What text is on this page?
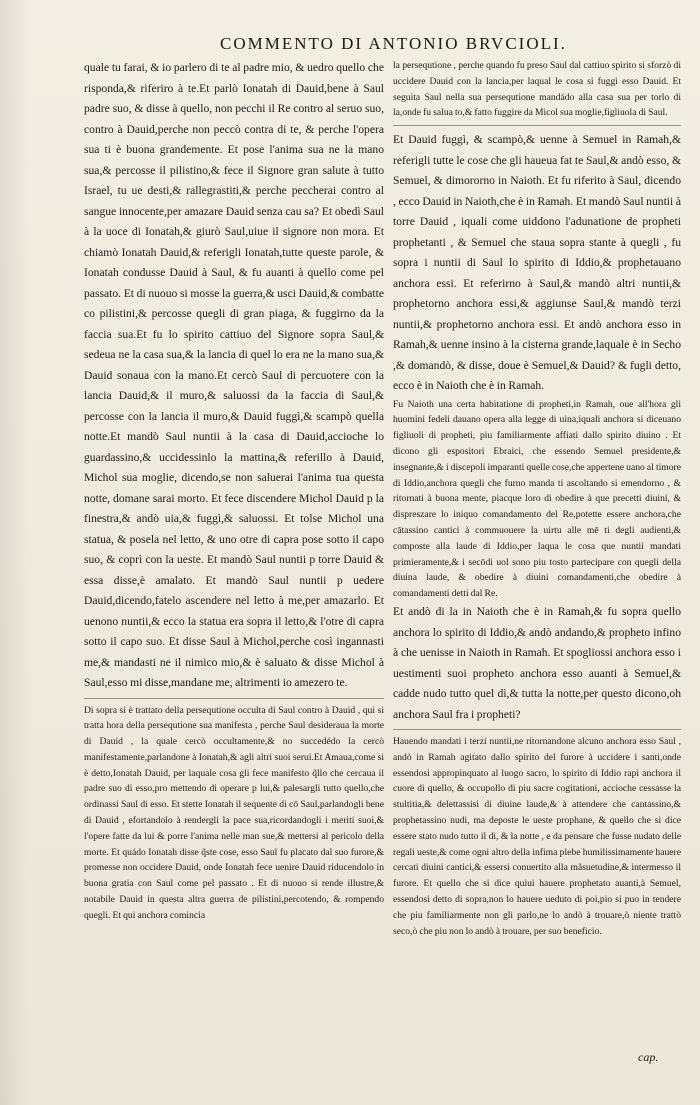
COMMENTO DI ANTONIO BRVCIOLI.

quale tu farai, & io parlero di te al padre mio, & uedro quello che risponda,& riferiro à te.Et parlò Ionatah di Dauid,bene à Saul padre suo, & disse à quello, non pecchi il Re contro al seruo suo, contro à Dauid,perche non peccò contra di te, & perche l'opera sua ti è buona grandemente. Et pose l'anima sua ne la mano sua,& percosse il pilistino,& fece il Signore gran salute à tutto Israel, tu ue desti,& rallegrastiti,& perche peccherai contro al sangue innocente,per amazare Dauid senza cau sa? Et obedì Saul à la uoce di Ionatah,& giurò Saul,uiue il signore non mora. Et chiamò Ionatah Dauid,& referigli Ionatah,tutte queste parole, & Ionatah condusse Dauid à Saul, & fu auanti à quello come pel passato. Et di nuouo si mosse la guerra,& usci Dauid,& combatte co pilistini,& percosse quegli di gran piaga, & fuggirno da la faccia sua.Et fu lo spirito cattiuo del Signore sopra Saul,& sedeua ne la casa sua,& la lancia di quel lo era ne la mano sua,& Dauid sonaua con la mano.Et cercò Saul di percuotere con la lancia Dauid,& il muro,& saluossi da la faccia di Saul,& percosse con la lancia il muro,& Dauid fuggì,& scampò quella notte.Et mandò Saul nuntii à la casa di Dauid,accioche lo guardassino,& uccidessinlo la mattina,& referillo à Dauid, Michol sua moglie, dicendo,se non saluerai l'anima tua questa notte, domane sarai morto. Et fece discendere Michol Dauid p la finestra,& andò uia,& fuggì,& saluossi. Et tolse Michol una statua, & posela nel letto, & uno otre di capra pose sotto il capo suo, & coprì con la ueste. Et mandò Saul nuntii p torre Dauid & essa disse,è amalato. Et mandò Saul nuntii p uedere Dauid,dicendo,fatelo ascendere nel letto à me,per amazarlo. Et uenono nuntii,& ecco la statua era sopra il letto,& l'otre di capra sotto il capo suo. Et disse Saul à Michol,perche così ingannasti me,& mandasti ne il nimico mio,& è saluato & disse Michol à Saul,esso mi disse,mandane me, altrimenti io amezero te.

Di sopra si è trattato della persequtione occulta di Saul contro à Dauid , qui si tratta hora della persequtione sua manifesta , perche Saul desideraua la morte di Dauid , la quale cercò occultamente,& no succedédo la cercò manifestamente,parlandone à Ionatah,& agli altri suoi serui.Et Amaua,come si è detto,Ionatah Dauid, per laquale cosa gli fece manifesto q̃llo che cercaua il padre suo di esso,pro mettendo di operare p lui,& palesargli tutto quello,che ordinassi Saul di esso. Et stette Ionatah il sequente di cō Saul,parlandogli bene di Dauid , efortandolo à rendergli la pace sua,ricordandogli i meriti suoi,& l'opere fatte da lui & porre l'anima nelle man sue,& mettersi al pericolo della morte. Et quádo Ionatah disse q̃ste cose, esso Saul fu placato dal suo furore,& promesse non occidere Dauid, onde Ionatah fece uenire Dauid riducendolo in buona gratia con Saul come pel passato . Et di nuouo si rende illustre,& notabile Dauid in questa altra guerra de pilistini,percotendo, & rompendo quegli. Et qui anchora comincia

la persequtione , perche quando fu preso Saul dal cattiuo spirito si sforzò di uccidere Dauid con la lancia,per laqual le cosa si fuggì esso Dauid. Et seguita Saul nella sua persequtione mandádo alla casa sua per torlo di la,onde fu salua to,& fatto fuggire da Micol sua moglie,figliuola di Saul.

Et Dauid fuggì, & scampò,& uenne à Semuel in Ramah,& referigli tutte le cose che gli haueua fat te Saul,& andò esso, & Semuel, & dimororno in Naioth. Et fu riferito à Saul, dicendo , ecco Dauid in Naioth,che è in Ramah. Et mandò Saul nuntii à torre Dauid , iquali come uiddono l'adunatione de propheti prophetanti , & Semuel che staua sopra stante à quegli , fu sopra i nuntii di Saul lo spirito di Iddio,& prophetauano anchora essi. Et referirno à Saul,& mandò altri nuntii,& prophetorno anchora essi,& aggiunse Saul,& mandò terzi nuntii,& prophetorno anchora essi. Et andò anchora esso in Ramah,& uenne insino à la cisterna grande,laquale è in Secho ,& domandò, & disse, doue è Semuel,& Dauid? & fugli detto, ecco è in Naioth che è in Ramah.

Fu Naioth una certa habitatione di propheti,in Ramah, oue all'hora gli huomini fedeli dauano opera alla legge di uina,iquali anchora si diceuano figliuoli di propheti, piu familiarmente affiati dallo spirito diuino . Et dicono gli espositori Ebraici, che essendo Semuel presidente,& insegnante,& i discepoli imparanti quelle cose,che appertene uano al timore di Iddio,anchora quegli che furno manda ti ascoltando si emendorno , & ritornati à buona mente, piacque loro di obedire à que precetti diuini, & dispreszare lo iniquo comandamento del Re,potette essere anchora,che cātassino cantici à commuouere la uirtu alle mē ti degli audienti,& composte alla laude di Iddio,per laqua le cosa que nuntii mandati primieramente,& i secōdi uol sono piu tosto partecipare con quegli della diuina laude, & obedire à diuini comandamenti,che obedire à comandamenti detti dal Re.

Et andò di la in Naioth che è in Ramah,& fu sopra quello anchora lo spirito di Iddio,& andò andando,& propheto infino à che uenisse in Naioth in Ramah. Et spogliossi anchora esso i uestimenti suoi propheto anchora esso auanti à Semuel,& cadde nudo tutto quel dì,& tutta la notte,per questo dicono,oh anchora Saul fra i propheti?

Hauendo mandati i terzi nuntii,ne ritornandone alcuno anchora esso Saul , andò in Ramah agitato dallo spirito del furore à uccidere i santi,onde essendosi appropinquato al luogo sacro, lo spirito di Iddio rapì anchora il cuore di quello, & occupollo di piu sacre cogitationi, accioche cessasse la stultitia,& delettassisi di diuine laude,& à attendere che cantassino,& prophetassino nudi, ma deposte le ueste prophane, & quello che si dice essere stato nudo tutto il dì, & la notte , e da pensare che fusse nudato delle regali ueste,& come ogni altro della infima plebe humilissimamente hauere cercati diuini cantici,& essersi conuertito alla mãsuetudine,& intermesso il furore. Et quello che si dice quiui hauere prophetato auanti,à Semuel, essendosi detto di sopra,non lo hauere ueduto di poi,pio si puo in tendere che piu familiarmente non gli parlo,ne lo andò à trouare,ò niente trattò seco,ò che piu non lo andò à trouare, per suo beneficio.

cap.
